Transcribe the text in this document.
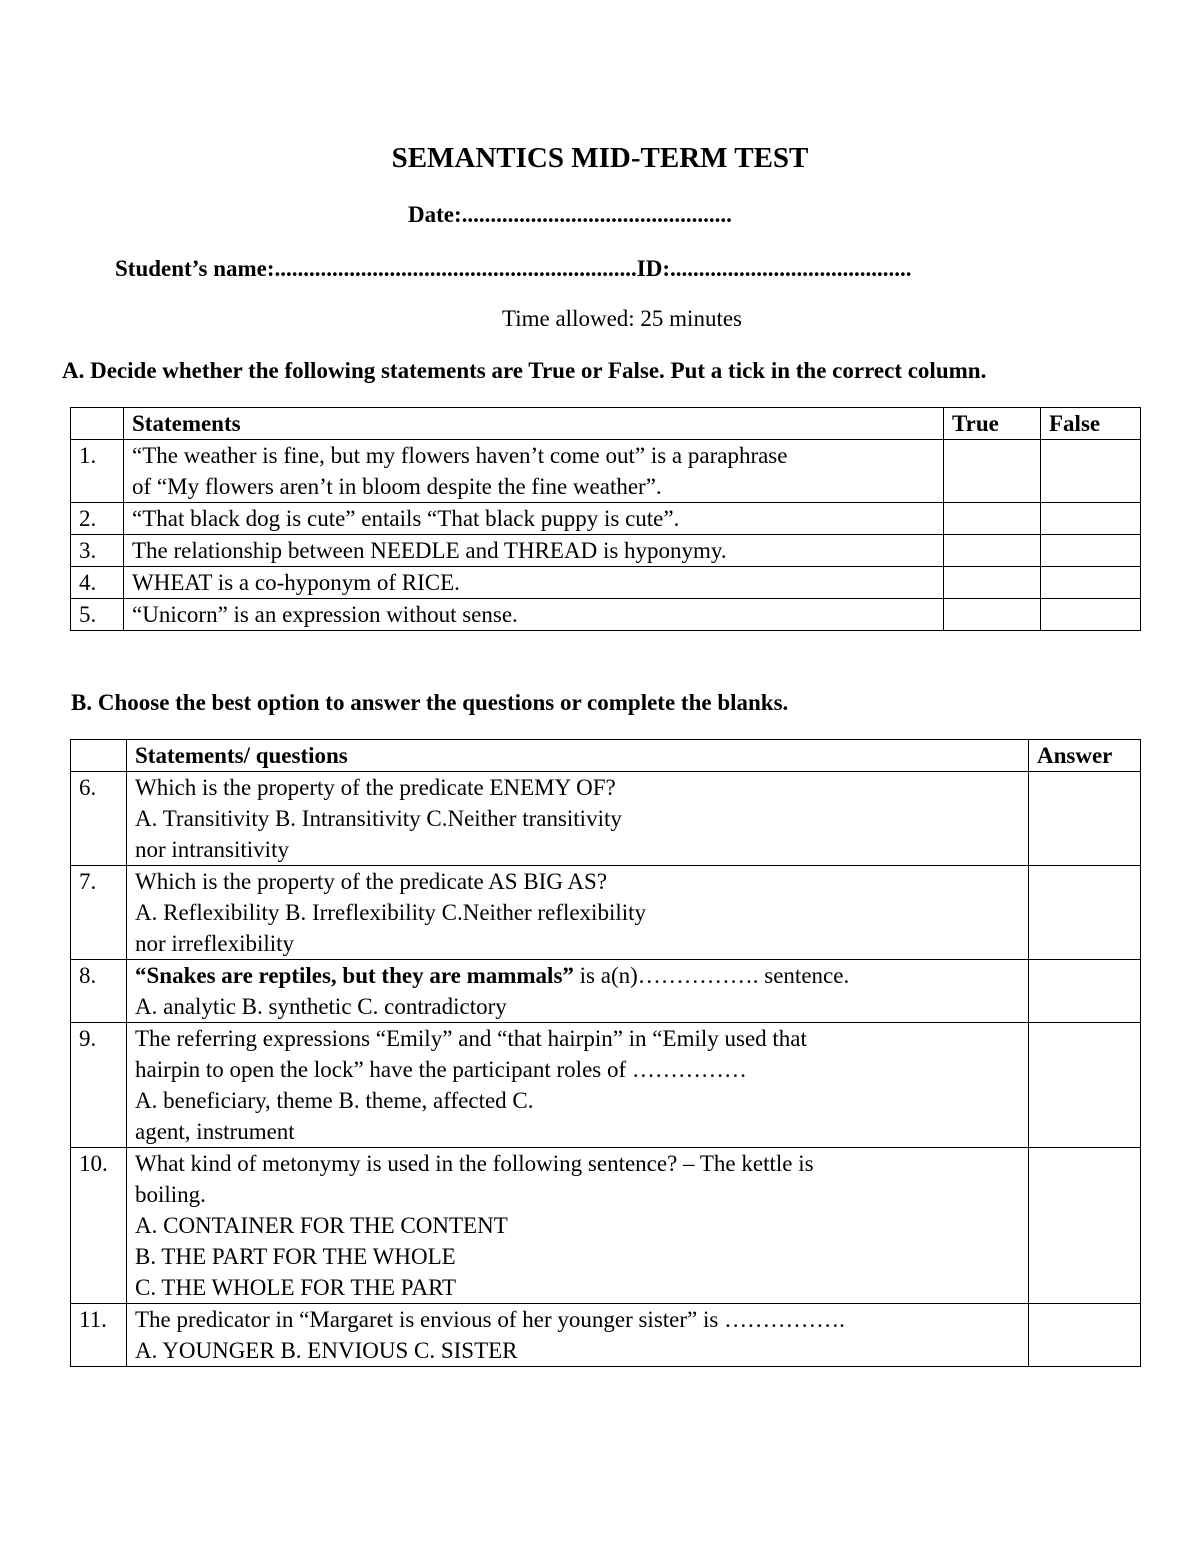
SEMANTICS MID-TERM TEST
Date:...............................................
Student’s name:...............................................................ID:..........................................
Time allowed: 25 minutes
A. Decide whether the following statements are True or False. Put a tick in the correct column.
	Statements	True	False
1.	“The weather is fine, but my flowers haven’t come out” is a paraphrase
of “My flowers aren’t in bloom despite the fine weather”.		

2.	“That black dog is cute” entails “That black puppy is cute”.		
3.	The relationship between NEEDLE and THREAD is hyponymy.		
4.	WHEAT is a co-hyponym of RICE.		
5.	“Unicorn” is an expression without sense.		
B. Choose the best option to answer the questions or complete the blanks.
	Statements/ questions	Answer
6.	Which is the property of the predicate ENEMY OF?
A. Transitivity B. Intransitivity C.Neither transitivity
nor intransitivity	

7.	Which is the property of the predicate AS BIG AS?
A. Reflexibility B. Irreflexibility C.Neither reflexibility
nor irreflexibility	

8.	“Snakes are reptiles, but they are mammals” is a(n)……………. sentence.
A. analytic B. synthetic C. contradictory	

9.	The referring expressions “Emily” and “that hairpin” in “Emily used that
hairpin to open the lock” have the participant roles of ……………
A. beneficiary, theme B. theme, affected C.
agent, instrument	

10.	What kind of metonymy is used in the following sentence? – The kettle is
boiling.
A. CONTAINER FOR THE CONTENT
B. THE PART FOR THE WHOLE
C. THE WHOLE FOR THE PART	

11.	The predicator in “Margaret is envious of her younger sister” is …………….
A. YOUNGER B. ENVIOUS C. SISTER	
